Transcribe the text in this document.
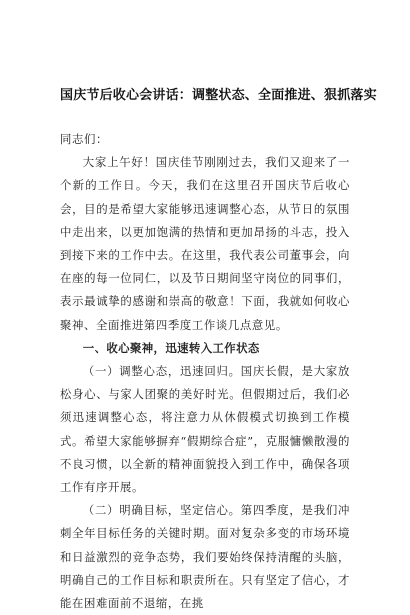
国庆节后收心会讲话：调整状态、全面推进、狠抓落实

同志们：

大家上午好！国庆佳节刚刚过去，我们又迎来了一个新的工作日。今天，我们在这里召开国庆节后收心会，目的是希望大家能够迅速调整心态，从节日的氛围中走出来，以更加饱满的热情和更加昂扬的斗志，投入到接下来的工作中去。在这里，我代表公司董事会，向在座的每一位同仁，以及节日期间坚守岗位的同事们，表示最诚挚的感谢和崇高的敬意！下面，我就如何收心聚神、全面推进第四季度工作谈几点意见。

一、收心聚神，迅速转入工作状态

（一）调整心态，迅速回归。国庆长假，是大家放松身心、与家人团聚的美好时光。但假期过后，我们必须迅速调整心态，将注意力从休假模式切换到工作模式。希望大家能够摒弃“假期综合症”，克服慵懒散漫的不良习惯，以全新的精神面貌投入到工作中，确保各项工作有序开展。

（二）明确目标，坚定信心。第四季度，是我们冲刺全年目标任务的关键时期。面对复杂多变的市场环境和日益激烈的竞争态势，我们要始终保持清醒的头脑，明确自己的工作目标和职责所在。只有坚定了信心，才能在困难面前不退缩，在挑
